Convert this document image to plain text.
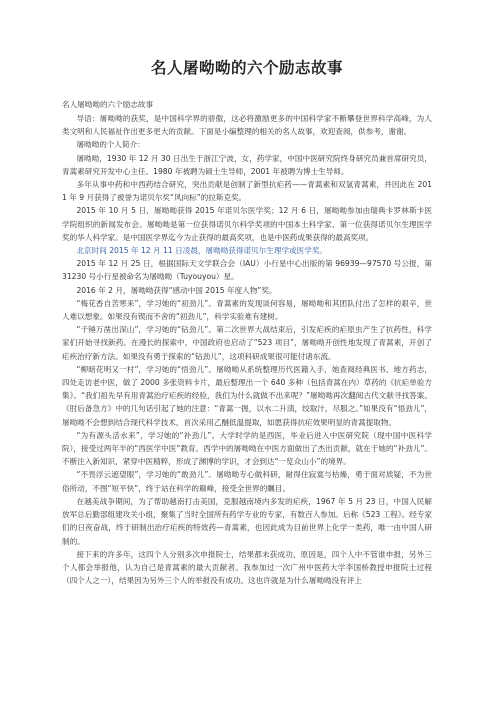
名人屠呦呦的六个励志故事

名人屠呦呦的六个励志故事

导语：屠呦呦的获奖，是中国科学界的骄傲，这必将激励更多的中国科学家不断攀登世界科学高峰，为人类文明和人民福祉作出更多更大的贡献。下面是小编整理的相关的名人故事，欢迎查阅，供参考，谢谢。

屠呦呦的个人简介：

屠呦呦，1930 年 12 月 30 日出生于浙江宁波，女，药学家，中国中医研究院终身研究员兼首席研究员，青蒿素研究开发中心主任。1980 年被聘为硕士生导师，2001 年被聘为博士生导师。

多年从事中药和中西药结合研究，突出贡献是创制了新型抗疟药——青蒿素和双氢青蒿素，并因此在 2011 年 9 月获得了被誉为诺贝尔奖“风向标”的拉斯克奖。

2015 年 10 月 5 日，屠呦呦获得 2015 年诺贝尔医学奖；12 月 6 日，屠呦呦参加由瑞典卡罗林斯卡医学院组织的新闻发布会。屠呦呦是第一位获得诺贝尔科学奖项的中国本土科学家、第一位获得诺贝尔生理医学奖的华人科学家。是中国医学界迄今为止获得的最高奖项，也是中医药成果获得的最高奖项。

北京时间 2015 年 12 月 11 日凌晨，屠呦呦获得诺贝尔生理学或医学奖。

2015 年 12 月 25 日，根据国际天文学联合会（IAU）小行星中心出版的第 96939—97570 号公报，第 31230 号小行星被命名为屠呦呦（Tuyouyou）星。

2016 年 2 月，屠呦呦获得“感动中国 2015 年度人物”奖。

“梅花香自苦寒来”，学习她的“初劲儿”。青蒿素的发现谈何容易，屠呦呦和其团队付出了怎样的艰辛，世人难以想象。如果没有锲而不舍的“初劲儿”，科学实验难有建树。

“千锤万凿出深山”，学习她的“钻劲儿”。第二次世界大战结束后，引发疟疾的疟原虫产生了抗药性，科学家们开始寻找新药。在漫长的探索中，中国政府也启动了“523 项目”，屠呦呦开创性地发现了青蒿素，开创了疟疾治疗新方法。如果没有勇于探索的“钻劲儿”，这项科研成果很可能付诸东流。

“柳暗花明又一村”，学习她的“悟劲儿”。屠呦呦从系统整理历代医籍入手，她查阅经典医书、地方药志，四处走访老中医，做了 2000 多张资料卡片，最后整理出一个 640 多种（包括青蒿在内）草药的《抗疟单验方集》。“我们祖先早有用青蒿治疗疟疾的经验，我们为什么就做不出来呢？”屠呦呦再次翻阅古代文献寻找答案。《肘后备急方》中的几句话引起了她的注意：“青蒿一握，以水二升渍，绞取汁，尽服之。”如果没有“悟劲儿”，屠呦呦不会想到结合现代科学技术，首次采用乙醚低温提取，如愿获得抗疟效果明显的青蒿提取物。

“为有源头活水来”，学习她的“补劲儿”。大学时学的是西医，毕业后进入中医研究院（现中国中医科学院），接受过两年半的“西医学中医”教育。西学中的屠呦呦在中医方面做出了杰出贡献，就在于她的“补劲儿”。不断注入新知识，紧穿中医精粹，形成了渊博的学识，才会到达“一览众山小”的境界。

“不畏浮云遮望眼”，学习她的“敢劲儿”。屠呦呦专心做科研，耐得住寂寞与枯燥，勇于面对质疑，不为世俗所动，不图“短平快”，终于站在科学的巅峰，接受全世界的瞩目。

在越美战争期间，为了帮助越南打击美国，克服越南境内多发的疟疾，1967 年 5 月 23 日，中国人民解放军总后勤部组建攻关小组，聚集了当时全国所有药学专业的专家，有数百人参加。后称《523 工程》。经专家们的日夜奋战，终于研制出治疗疟疾的特效药—青蒿素，也因此成为目前世界上化学一类药，唯一由中国人研制的。

接下来的许多年，这四个人分别多次申报院士，结果都未获成功，原因是，四个人中不管谁申报，另外三个人都会举报他，认为自己是青蒿素的最大贡献者。我参加过一次广州中医药大学李国桥教授申报院士过程（四个人之一），结果因为另外三个人的举报没有成功。这也许就是为什么屠呦呦没有评上
